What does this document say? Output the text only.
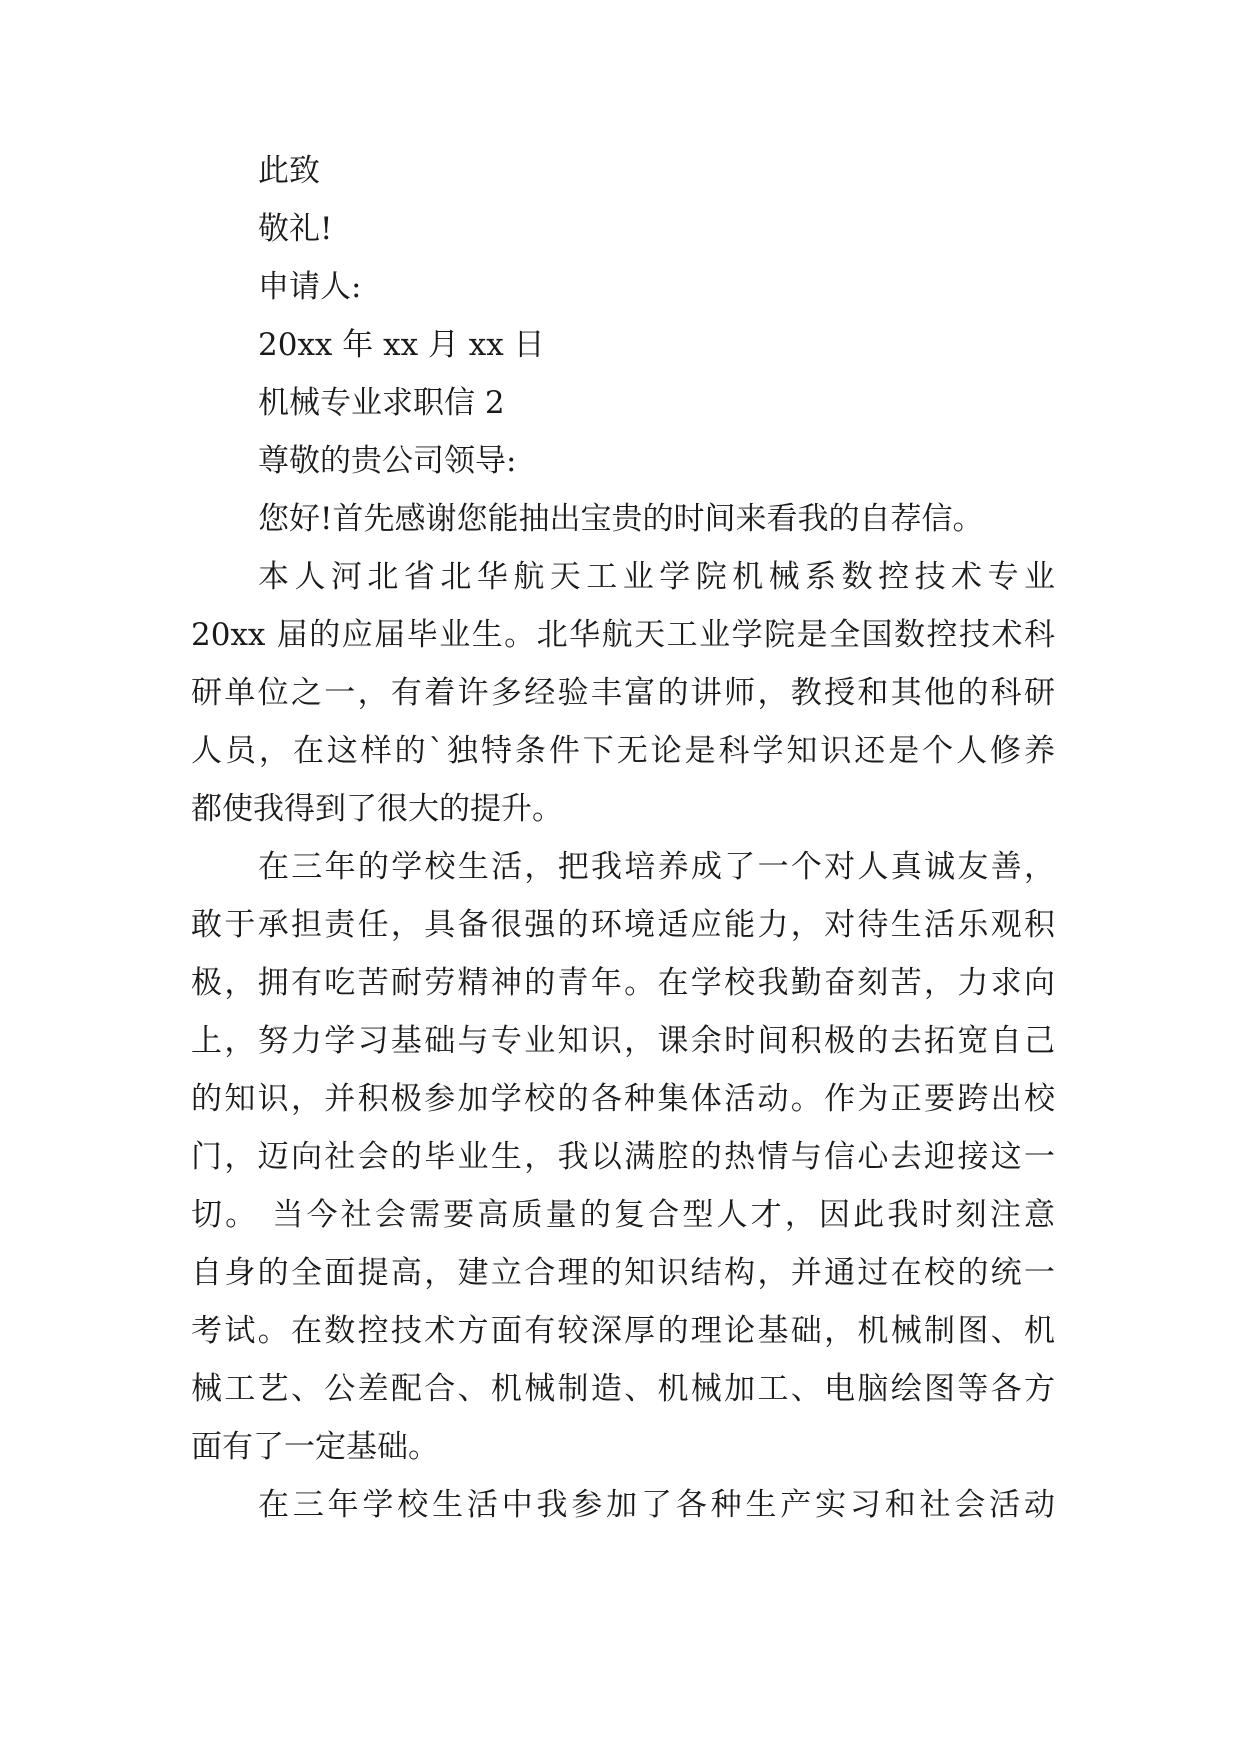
此致
敬礼!
申请人:
20xx 年 xx 月 xx 日
机械专业求职信 2
尊敬的贵公司领导:
您好!首先感谢您能抽出宝贵的时间来看我的自荐信。
本人河北省北华航天工业学院机械系数控技术专业
20xx 届的应届毕业生。北华航天工业学院是全国数控技术科
研单位之一，有着许多经验丰富的讲师，教授和其他的科研
人员，在这样的`独特条件下无论是科学知识还是个人修养
都使我得到了很大的提升。
在三年的学校生活，把我培养成了一个对人真诚友善，
敢于承担责任，具备很强的环境适应能力，对待生活乐观积
极，拥有吃苦耐劳精神的青年。在学校我勤奋刻苦，力求向
上，努力学习基础与专业知识，课余时间积极的去拓宽自己
的知识，并积极参加学校的各种集体活动。作为正要跨出校
门，迈向社会的毕业生，我以满腔的热情与信心去迎接这一
切。 当今社会需要高质量的复合型人才，因此我时刻注意
自身的全面提高，建立合理的知识结构，并通过在校的统一
考试。在数控技术方面有较深厚的理论基础，机械制图、机
械工艺、公差配合、机械制造、机械加工、电脑绘图等各方
面有了一定基础。
在三年学校生活中我参加了各种生产实习和社会活动
